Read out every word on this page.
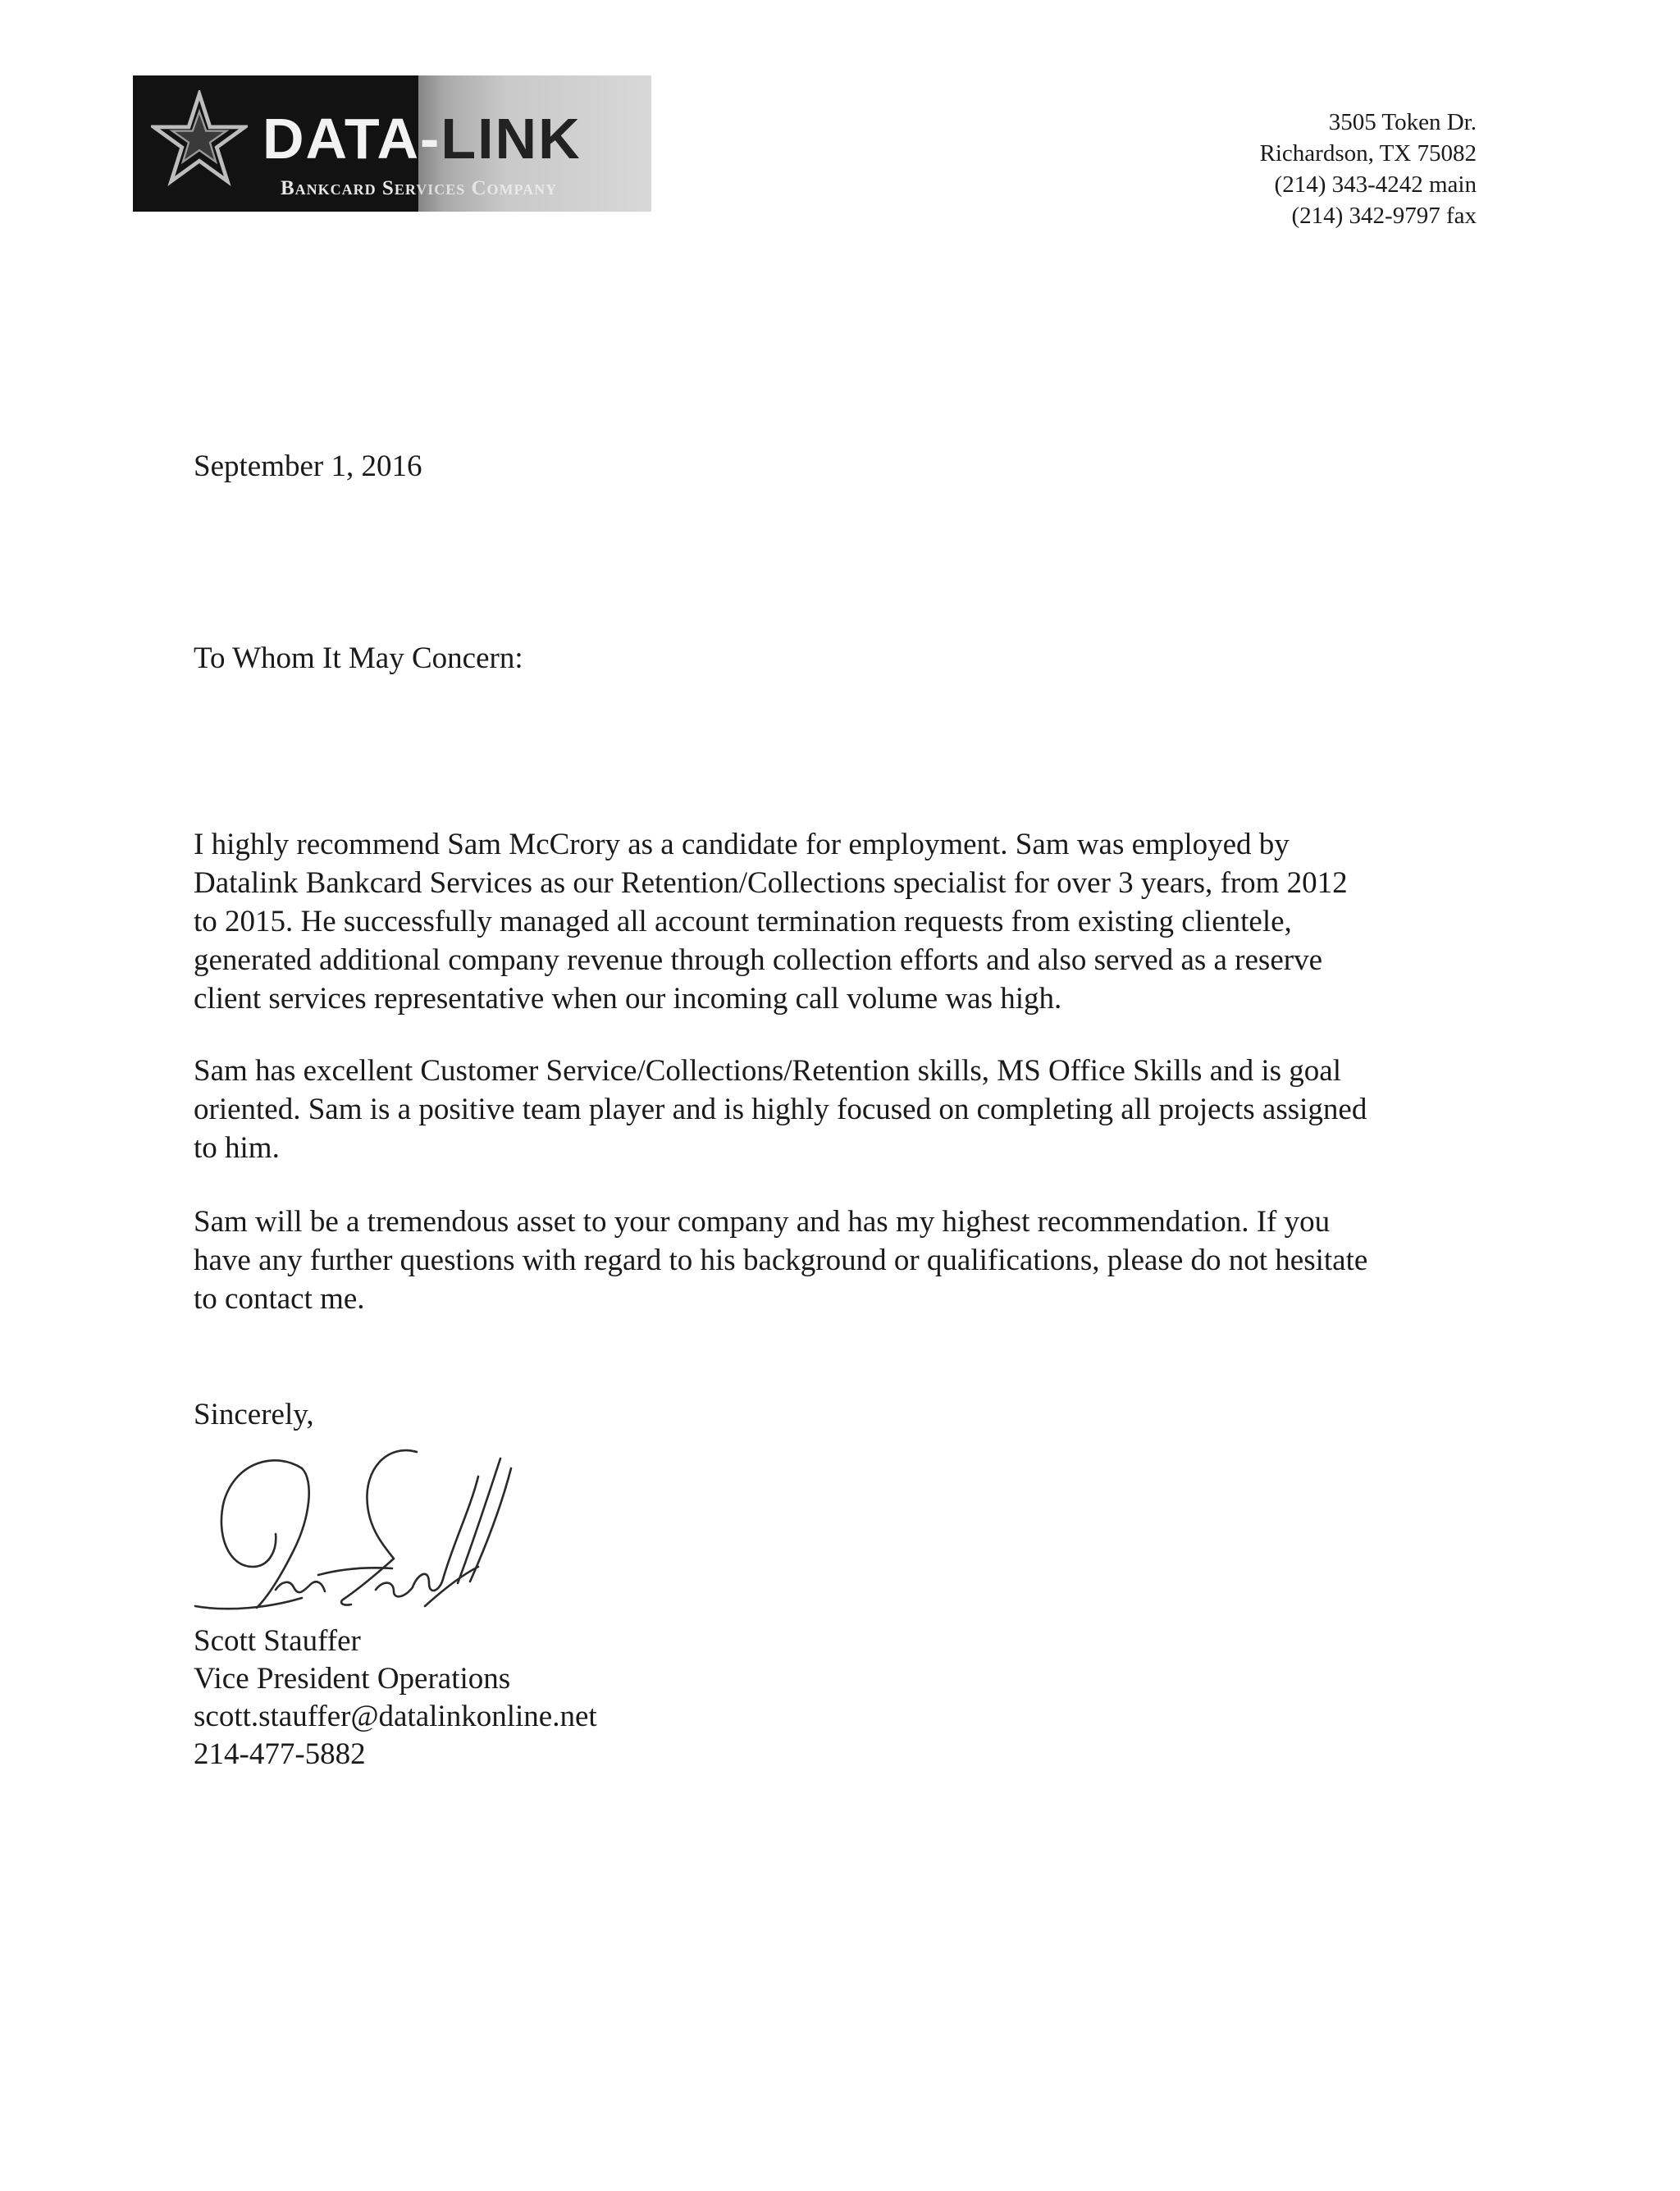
DATA-LINK
Bankcard Services Company
3505 Token Dr.
Richardson, TX 75082
(214) 343-4242 main
(214) 342-9797 fax
September 1, 2016
To Whom It May Concern:
I highly recommend Sam McCrory as a candidate for employment. Sam was employed by
Datalink Bankcard Services as our Retention/Collections specialist for over 3 years, from 2012
to 2015. He successfully managed all account termination requests from existing clientele,
generated additional company revenue through collection efforts and also served as a reserve
client services representative when our incoming call volume was high.
Sam has excellent Customer Service/Collections/Retention skills, MS Office Skills and is goal
oriented. Sam is a positive team player and is highly focused on completing all projects assigned
to him.
Sam will be a tremendous asset to your company and has my highest recommendation. If you
have any further questions with regard to his background or qualifications, please do not hesitate
to contact me.
Sincerely,
Scott Stauffer
Vice President Operations
scott.stauffer@datalinkonline.net
214-477-5882
